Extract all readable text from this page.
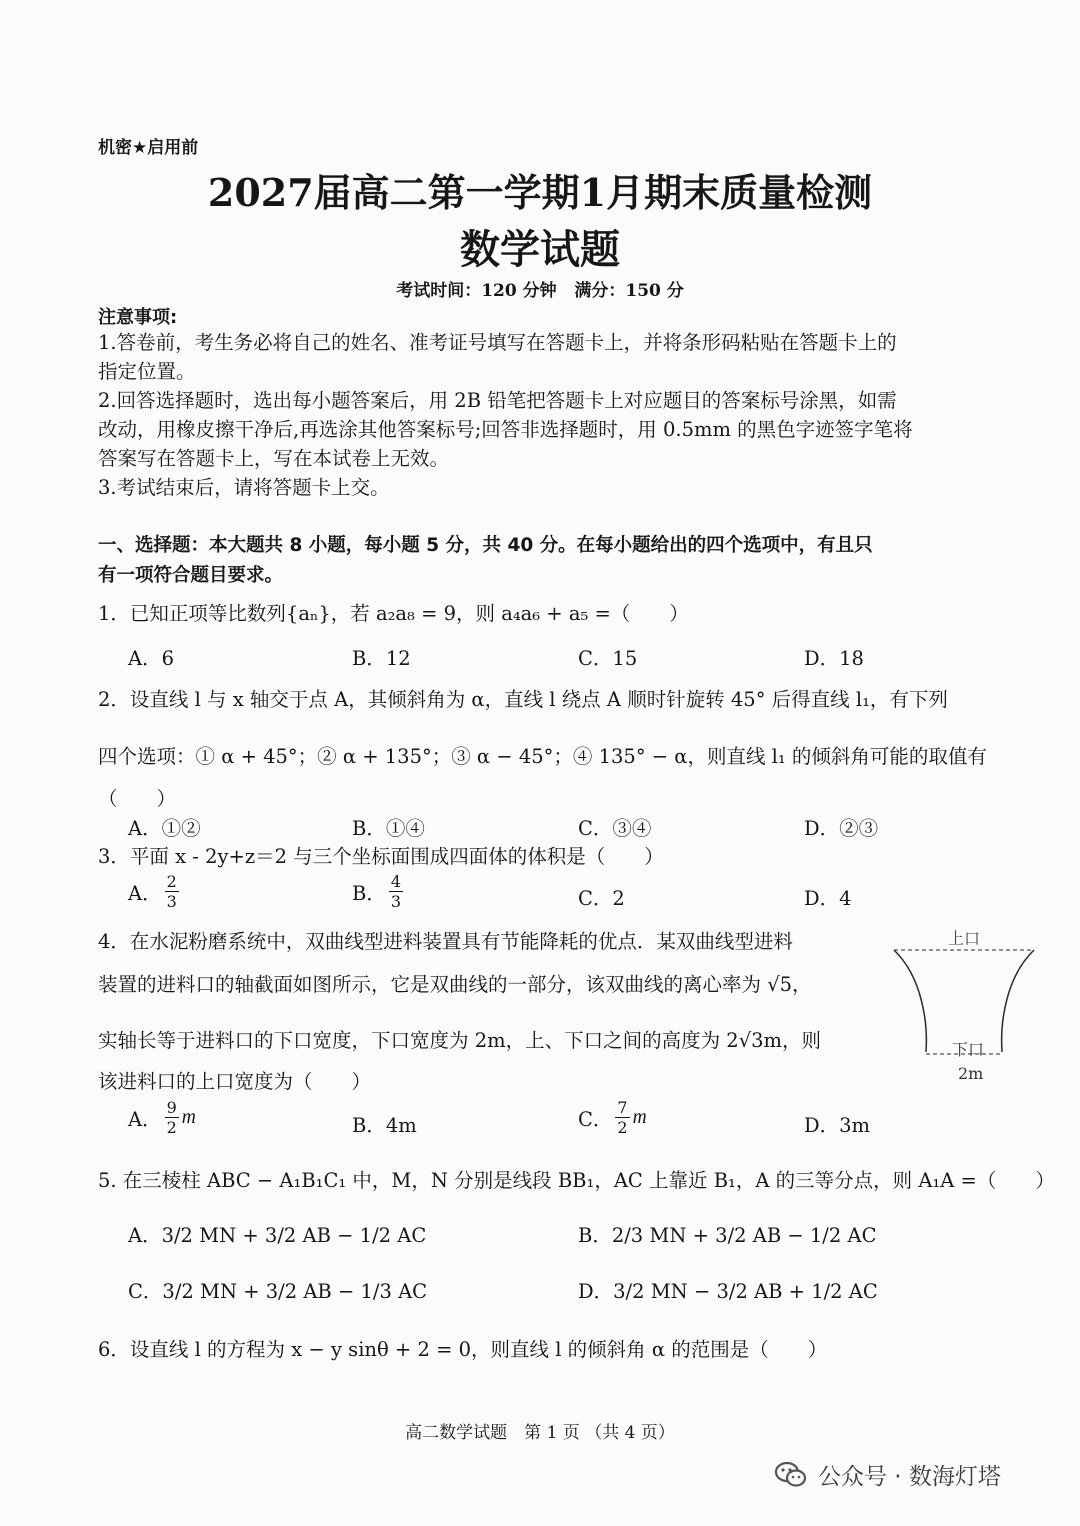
机密★启用前
2027届高二第一学期1月期末质量检测
数学试题
考试时间：120 分钟   满分：150 分
注意事项:
1.答卷前，考生务必将自己的姓名、准考证号填写在答题卡上，并将条形码粘贴在答题卡上的
指定位置。
2.回答选择题时，选出每小题答案后，用 2B 铅笔把答题卡上对应题目的答案标号涂黑，如需
改动，用橡皮擦干净后,再选涂其他答案标号;回答非选择题时，用 0.5mm 的黑色字迹签字笔将
答案写在答题卡上，写在本试卷上无效。
3.考试结束后，请将答题卡上交。
一、选择题：本大题共 8 小题，每小题 5 分，共 40 分。在每小题给出的四个选项中，有且只
有一项符合题目要求。
1．已知正项等比数列{aₙ}，若 a₂a₈ = 9，则 a₄a₆ + a₅ =（　　）
A．6	B．12	C．15	D．18
2．设直线 l 与 x 轴交于点 A，其倾斜角为 α，直线 l 绕点 A 顺时针旋转 45° 后得直线 l₁，有下列
四个选项：① α + 45°；② α + 135°；③ α − 45°；④ 135° − α，则直线 l₁ 的倾斜角可能的取值有
（　　）
A．①②	B．①④	C．③④	D．②③
3．平面 x - 2y+z＝2 与三个坐标面围成四面体的体积是（　　）
A． $\frac{2}{3}$	B． $\frac{4}{3}$	C．2	D．4
4．在水泥粉磨系统中，双曲线型进料装置具有节能降耗的优点．某双曲线型进料
装置的进料口的轴截面如图所示，它是双曲线的一部分，该双曲线的离心率为 √5，
实轴长等于进料口的下口宽度，下口宽度为 2m，上、下口之间的高度为 2√3m，则
该进料口的上口宽度为（　　）
上口
下口
2m
A． $\frac{9}{2}$ m	B．4m	C． $\frac{7}{2}$ m	D．3m
5. 在三棱柱 ABC − A₁B₁C₁ 中，M，N 分别是线段 BB₁，AC 上靠近 B₁，A 的三等分点，则 A₁A =（　　）
A．3/2 MN + 3/2 AB − 1/2 AC	B．2/3 MN + 3/2 AB − 1/2 AC
C．3/2 MN + 3/2 AB − 1/3 AC	D．3/2 MN − 3/2 AB + 1/2 AC
6．设直线 l 的方程为 x − y sinθ + 2 = 0，则直线 l 的倾斜角 α 的范围是（　　）
高二数学试题　第 1 页 （共 4 页）
公众号 · 数海灯塔
